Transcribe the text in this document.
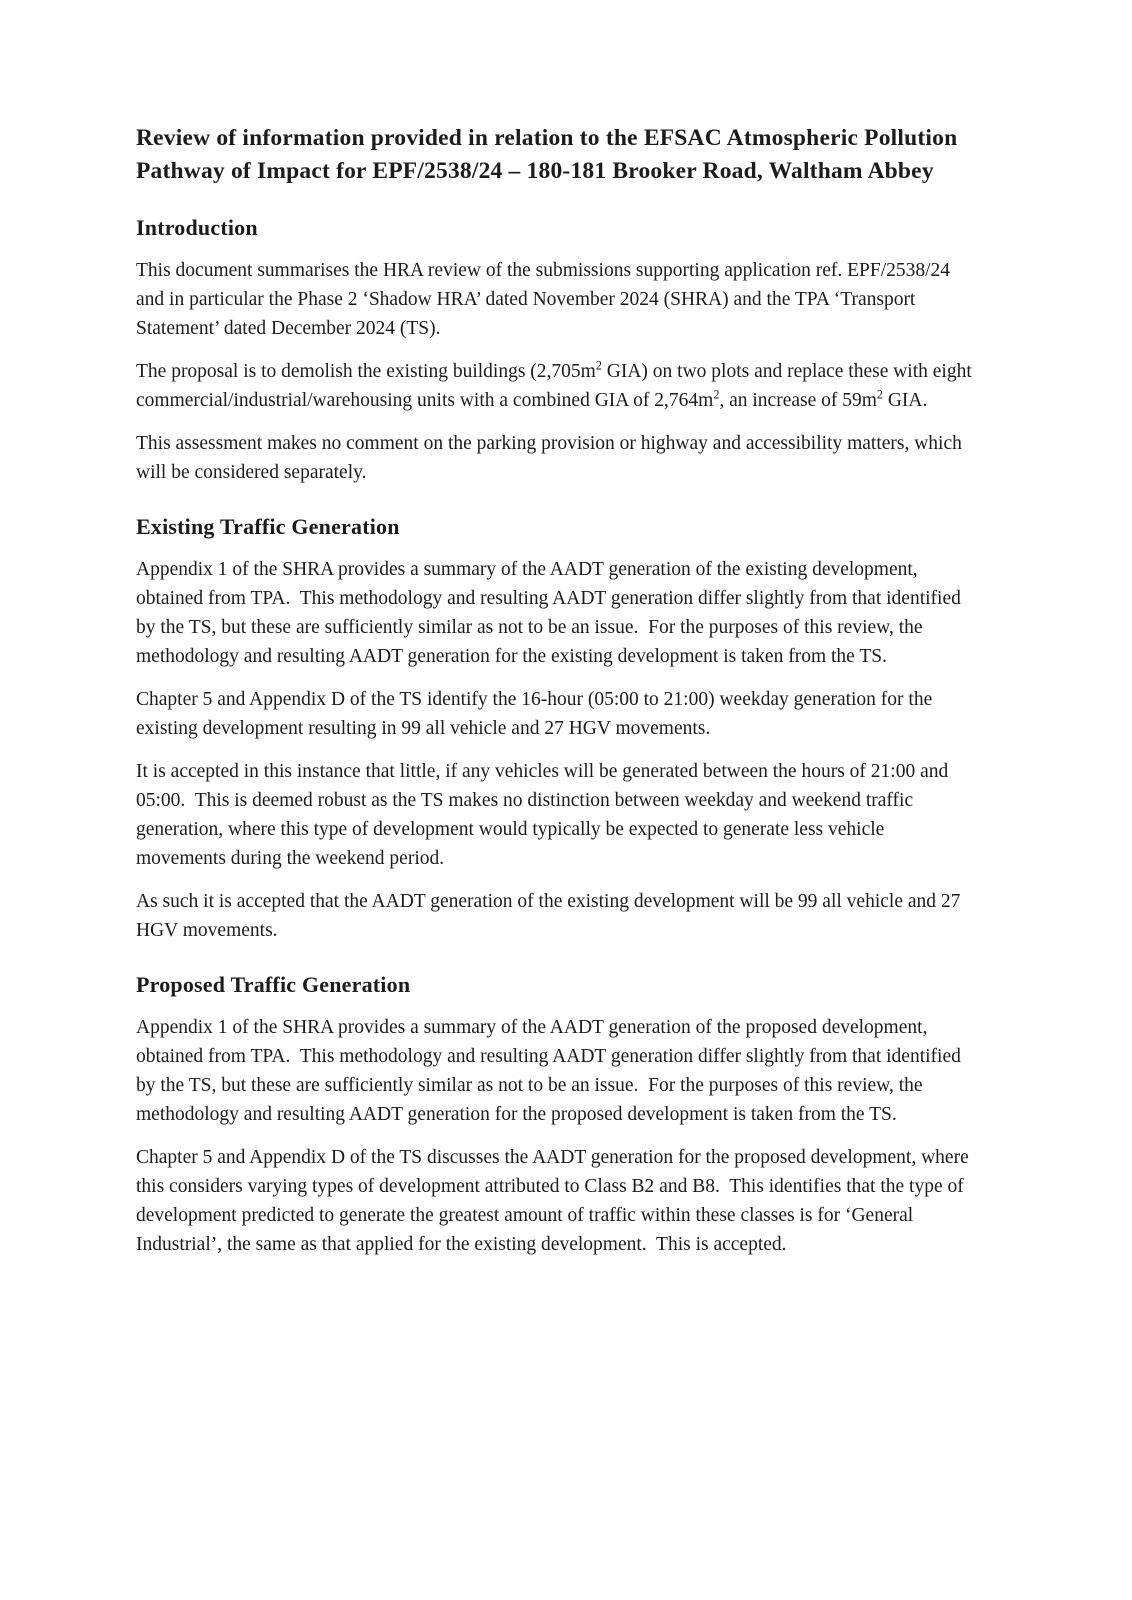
Review of information provided in relation to the EFSAC Atmospheric Pollution Pathway of Impact for EPF/2538/24 – 180-181 Brooker Road, Waltham Abbey
Introduction

This document summarises the HRA review of the submissions supporting application ref. EPF/2538/24 and in particular the Phase 2 ‘Shadow HRA’ dated November 2024 (SHRA) and the TPA ‘Transport Statement’ dated December 2024 (TS).

The proposal is to demolish the existing buildings ($2,705m^2$ GIA) on two plots and replace these with eight commercial/industrial/warehousing units with a combined GIA of $2,764m^2$, an increase of $59m^2$ GIA.

This assessment makes no comment on the parking provision or highway and accessibility matters, which will be considered separately.

Existing Traffic Generation

Appendix 1 of the SHRA provides a summary of the AADT generation of the existing development, obtained from TPA.  This methodology and resulting AADT generation differ slightly from that identified by the TS, but these are sufficiently similar as not to be an issue.  For the purposes of this review, the methodology and resulting AADT generation for the existing development is taken from the TS.

Chapter 5 and Appendix D of the TS identify the 16-hour (05:00 to 21:00) weekday generation for the existing development resulting in 99 all vehicle and 27 HGV movements.

It is accepted in this instance that little, if any vehicles will be generated between the hours of 21:00 and 05:00.  This is deemed robust as the TS makes no distinction between weekday and weekend traffic generation, where this type of development would typically be expected to generate less vehicle movements during the weekend period.

As such it is accepted that the AADT generation of the existing development will be 99 all vehicle and 27 HGV movements.

Proposed Traffic Generation

Appendix 1 of the SHRA provides a summary of the AADT generation of the proposed development, obtained from TPA.  This methodology and resulting AADT generation differ slightly from that identified by the TS, but these are sufficiently similar as not to be an issue.  For the purposes of this review, the methodology and resulting AADT generation for the proposed development is taken from the TS.

Chapter 5 and Appendix D of the TS discusses the AADT generation for the proposed development, where this considers varying types of development attributed to Class B2 and B8.  This identifies that the type of development predicted to generate the greatest amount of traffic within these classes is for ‘General Industrial’, the same as that applied for the existing development.  This is accepted.
